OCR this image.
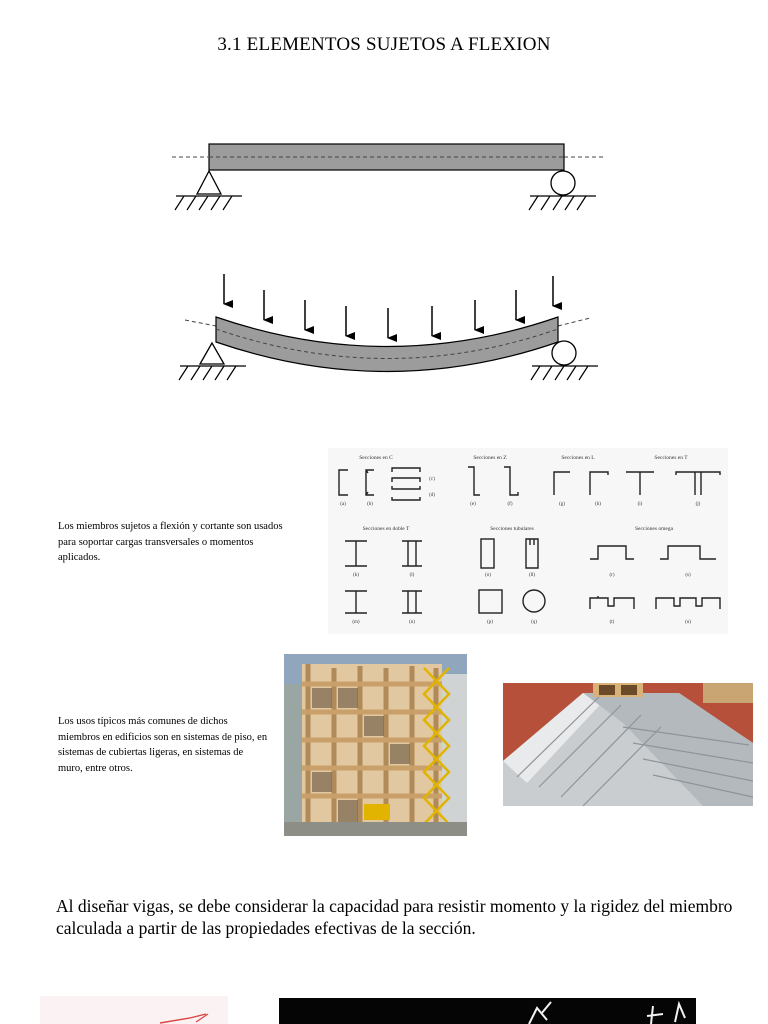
3.1 ELEMENTOS SUJETOS A FLEXION
Los miembros sujetos a flexión y cortante son usados para soportar cargas transversales o momentos aplicados.
Secciones en C	Secciones en Z	Secciones en L	Secciones en T
Secciones en doble T	Secciones tubulares	Secciones omega
(a)	(b)
(c)
(d)
(e)	(f)	(g)	(h)	(i)	(j)
(k)	(l)
(m)	(n)
(o)	(ll)
(p)	(q)
(r)	(s)
(t)	(u)
Los usos típicos más comunes de dichos miembros en edificios son en sistemas de piso, en sistemas de cubiertas ligeras, en sistemas de muro, entre otros.
Al diseñar vigas, se debe considerar la capacidad para resistir momento y la rigidez del miembro calculada a partir de las propiedades efectivas de la sección.
